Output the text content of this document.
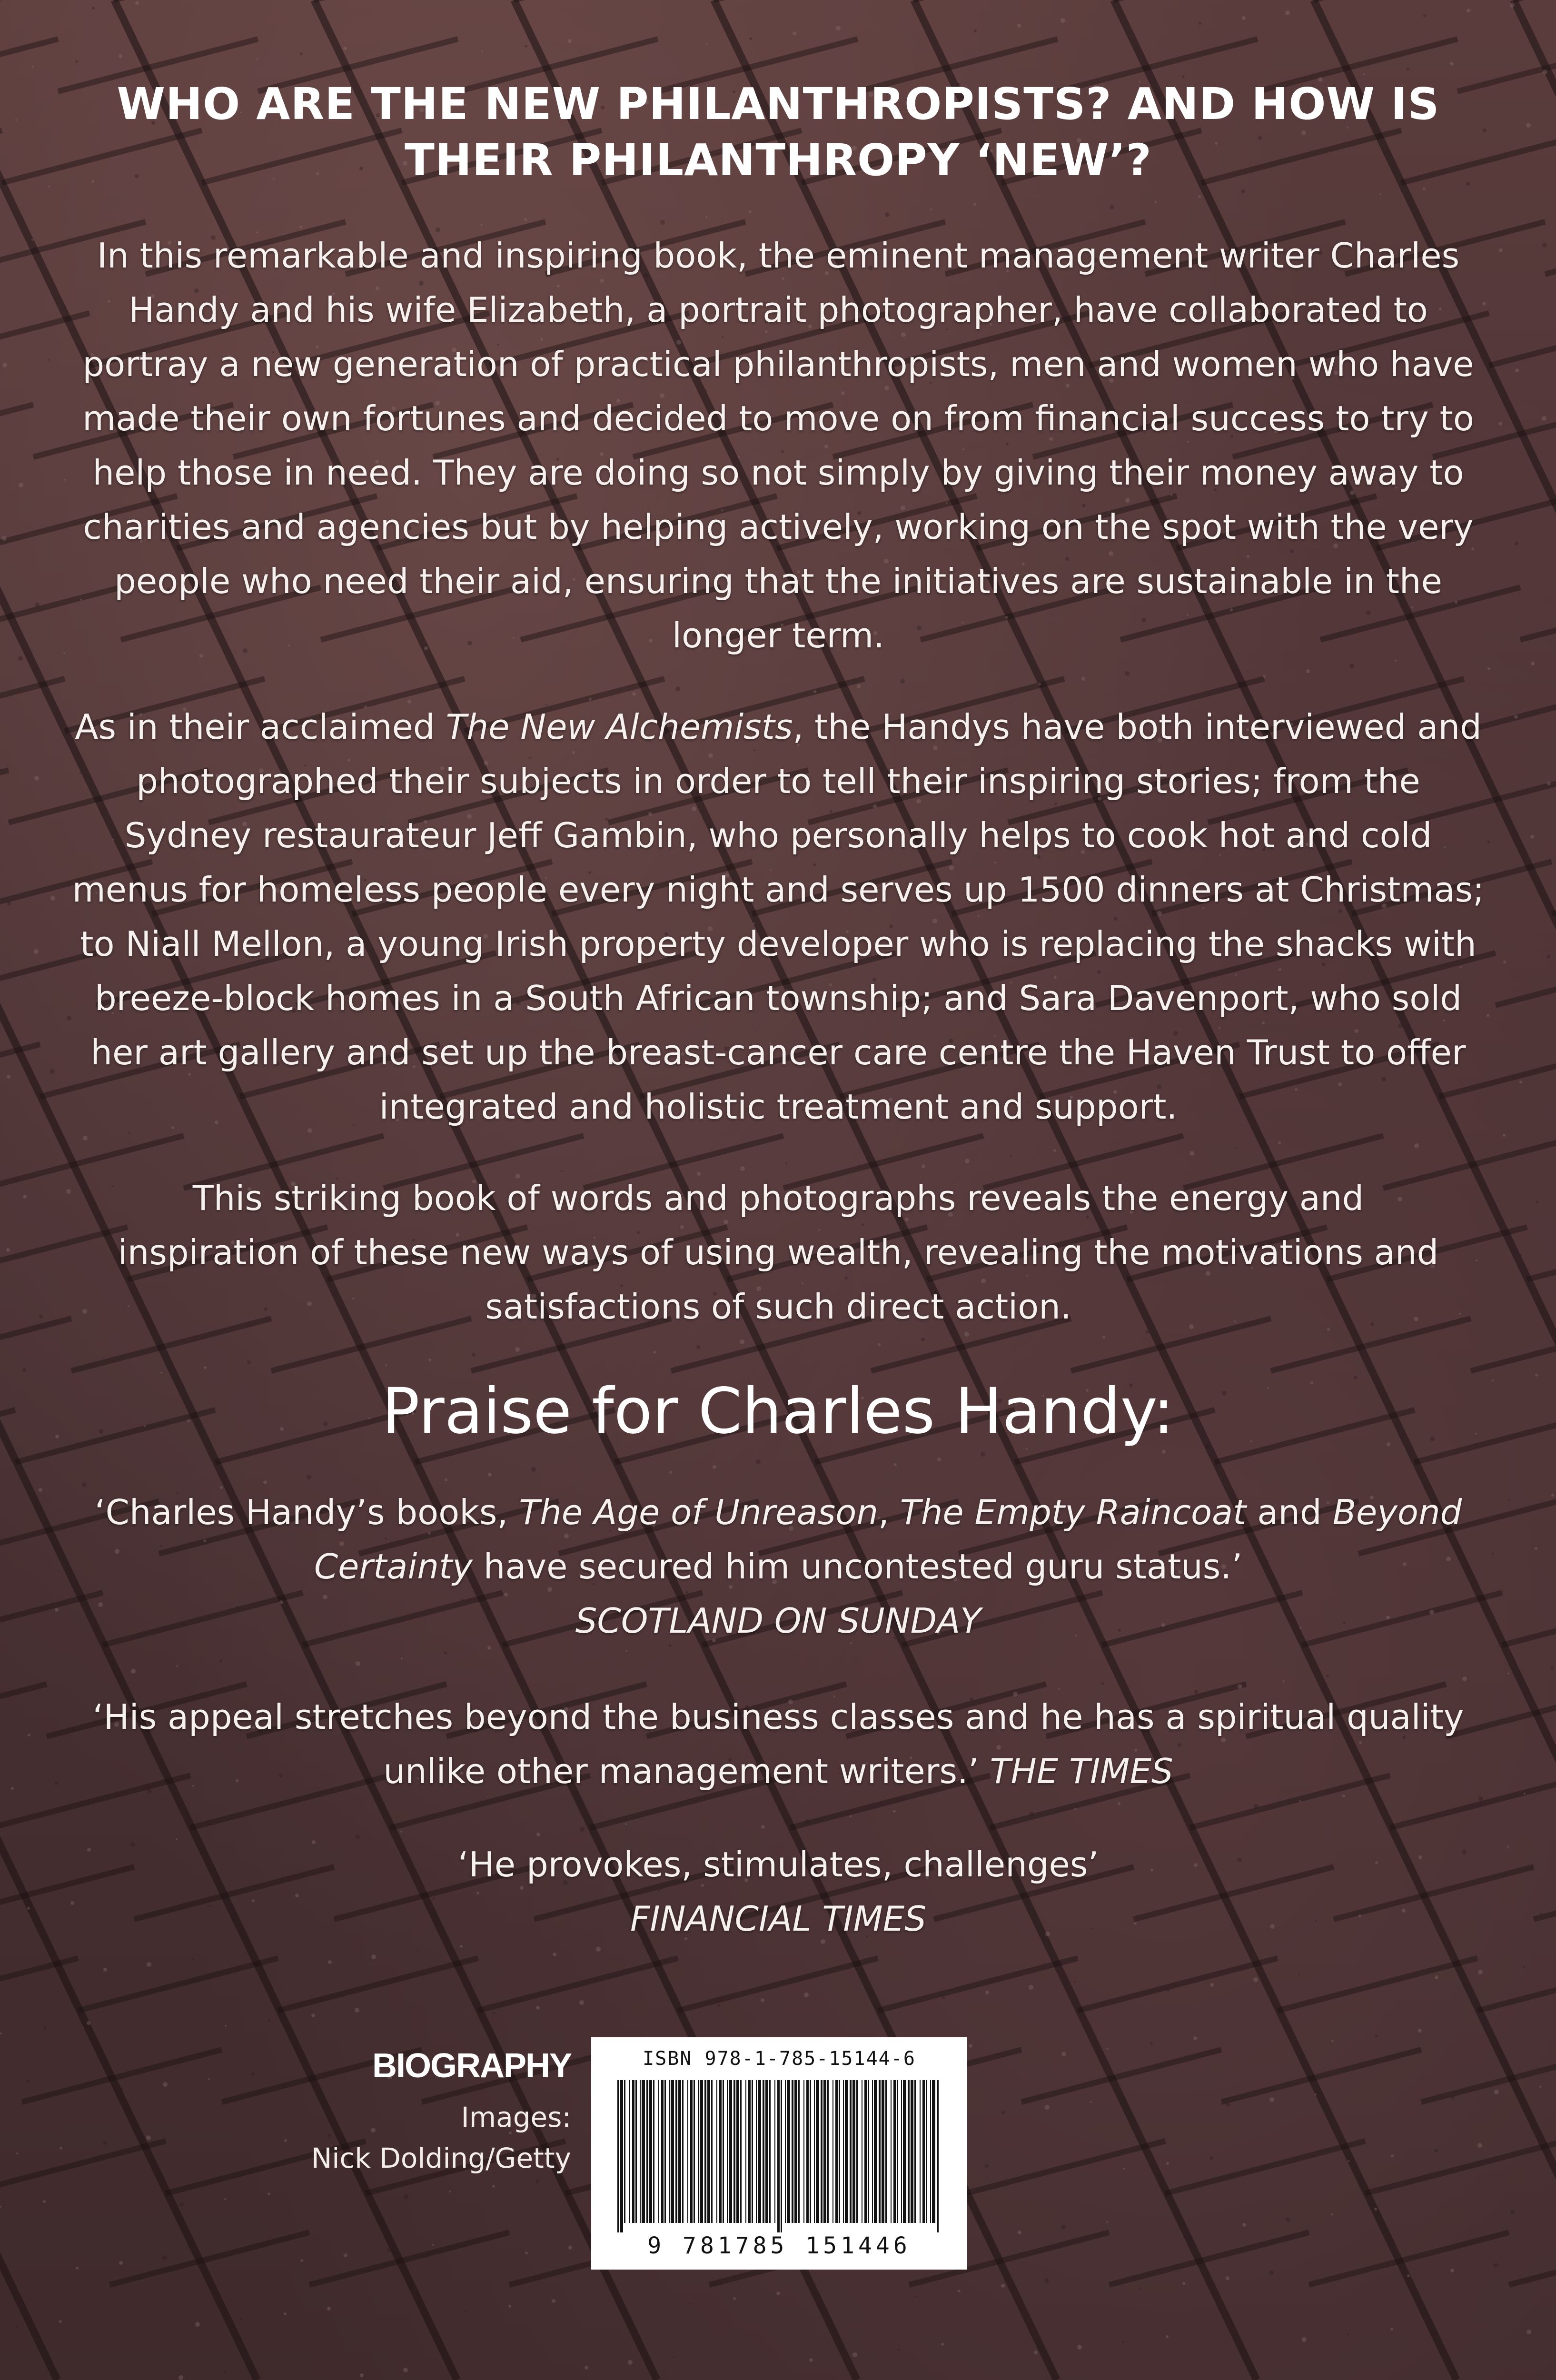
WHO ARE THE NEW PHILANTHROPISTS? AND HOW IS
THEIR PHILANTHROPY ‘NEW’?
In this remarkable and inspiring book, the eminent management writer Charles Handy and his wife Elizabeth, a portrait photographer, have collaborated to portray a new generation of practical philanthropists, men and women who have made their own fortunes and decided to move on from financial success to try to help those in need. They are doing so not simply by giving their money away to charities and agencies but by helping actively, working on the spot with the very people who need their aid, ensuring that the initiatives are sustainable in the longer term.
As in their acclaimed The New Alchemists, the Handys have both interviewed and photographed their subjects in order to tell their inspiring stories; from the Sydney restaurateur Jeff Gambin, who personally helps to cook hot and cold menus for homeless people every night and serves up 1500 dinners at Christmas; to Niall Mellon, a young Irish property developer who is replacing the shacks with breeze-block homes in a South African township; and Sara Davenport, who sold her art gallery and set up the breast-cancer care centre the Haven Trust to offer integrated and holistic treatment and support.
This striking book of words and photographs reveals the energy and inspiration of these new ways of using wealth, revealing the motivations and satisfactions of such direct action.
Praise for Charles Handy:
‘Charles Handy’s books, The Age of Unreason, The Empty Raincoat and Beyond Certainty have secured him uncontested guru status.’
SCOTLAND ON SUNDAY
‘His appeal stretches beyond the business classes and he has a spiritual quality unlike other management writers.’ THE TIMES
‘He provokes, stimulates, challenges’
FINANCIAL TIMES
BIOGRAPHY
Images:
Nick Dolding/Getty
ISBN 978-1-785-15144-6
9 781785 151446
